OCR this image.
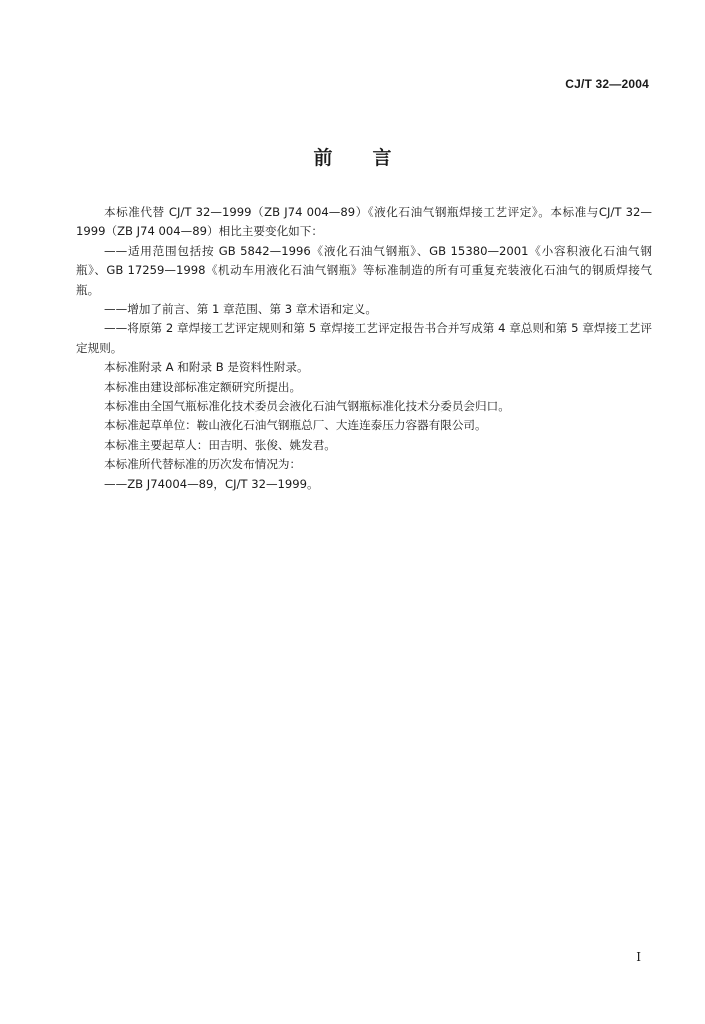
CJ/T 32—2004
前 言

本标准代替 CJ/T 32—1999（ZB J74 004—89）《液化石油气钢瓶焊接工艺评定》。本标准与CJ/T 32—1999（ZB J74 004—89）相比主要变化如下：

——适用范围包括按 GB 5842—1996《液化石油气钢瓶》、GB 15380—2001《小容积液化石油气钢瓶》、GB 17259—1998《机动车用液化石油气钢瓶》等标准制造的所有可重复充装液化石油气的钢质焊接气瓶。

——增加了前言、第 1 章范围、第 3 章术语和定义。

——将原第 2 章焊接工艺评定规则和第 5 章焊接工艺评定报告书合并写成第 4 章总则和第 5 章焊接工艺评定规则。

本标准附录 A 和附录 B 是资料性附录。

本标准由建设部标准定额研究所提出。

本标准由全国气瓶标准化技术委员会液化石油气钢瓶标准化技术分委员会归口。

本标准起草单位：鞍山液化石油气钢瓶总厂、大连连泰压力容器有限公司。

本标准主要起草人：田吉明、张俊、姚发君。

本标准所代替标准的历次发布情况为：

——ZB J74004—89，CJ/T 32—1999。

I
